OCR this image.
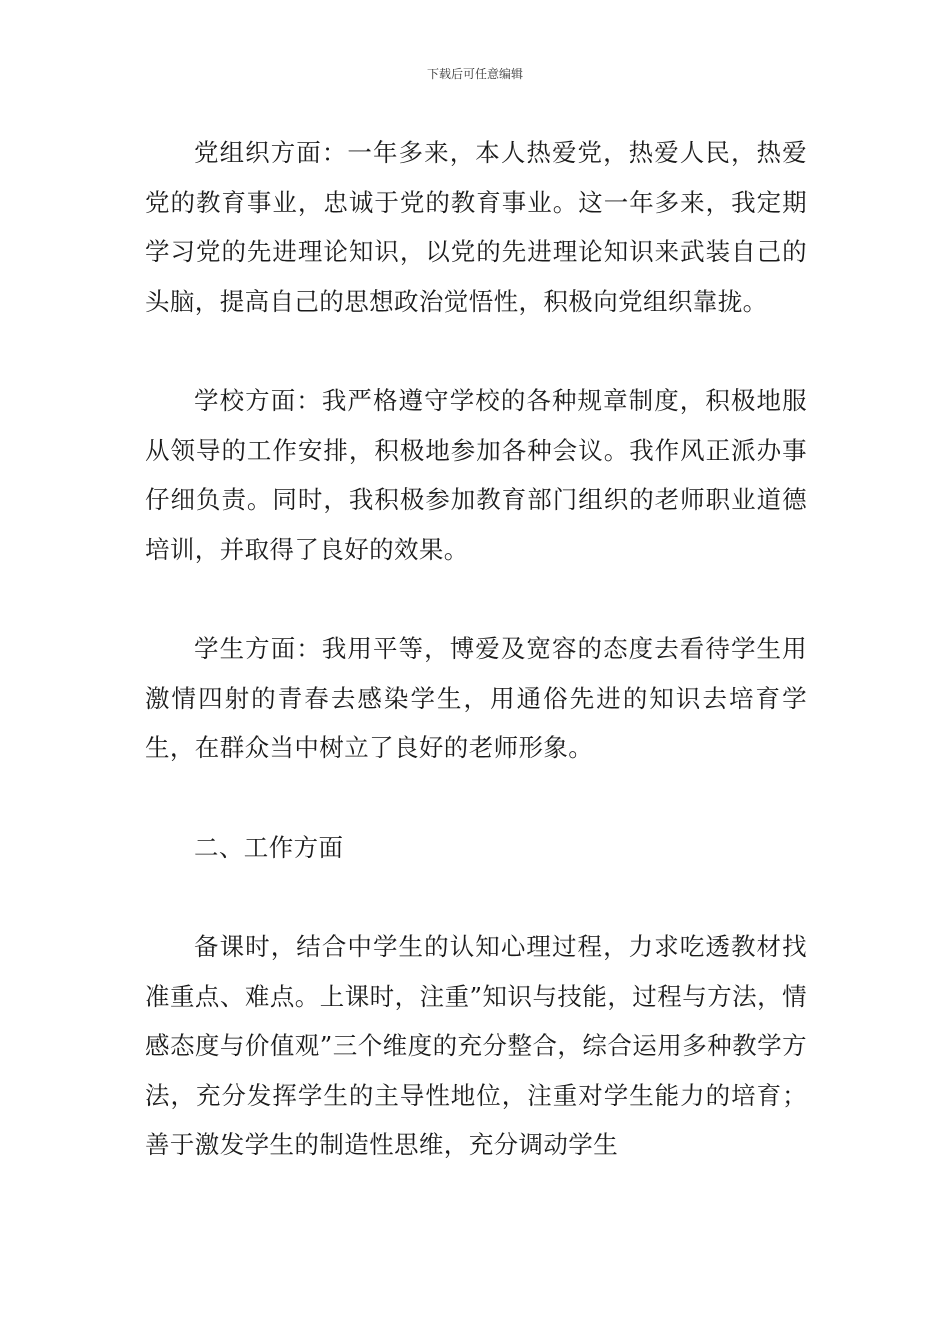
下载后可任意编辑

党组织方面：一年多来，本人热爱党，热爱人民，热爱党的教育事业，忠诚于党的教育事业。这一年多来，我定期学习党的先进理论知识，以党的先进理论知识来武装自己的头脑，提高自己的思想政治觉悟性，积极向党组织靠拢。

学校方面：我严格遵守学校的各种规章制度，积极地服从领导的工作安排，积极地参加各种会议。我作风正派办事仔细负责。同时，我积极参加教育部门组织的老师职业道德培训，并取得了良好的效果。

学生方面：我用平等，博爱及宽容的态度去看待学生用激情四射的青春去感染学生，用通俗先进的知识去培育学生，在群众当中树立了良好的老师形象。

二、工作方面

备课时，结合中学生的认知心理过程，力求吃透教材找准重点、难点。上课时，注重”知识与技能，过程与方法，情感态度与价值观”三个维度的充分整合，综合运用多种教学方法，充分发挥学生的主导性地位，注重对学生能力的培育；善于激发学生的制造性思维，充分调动学生
